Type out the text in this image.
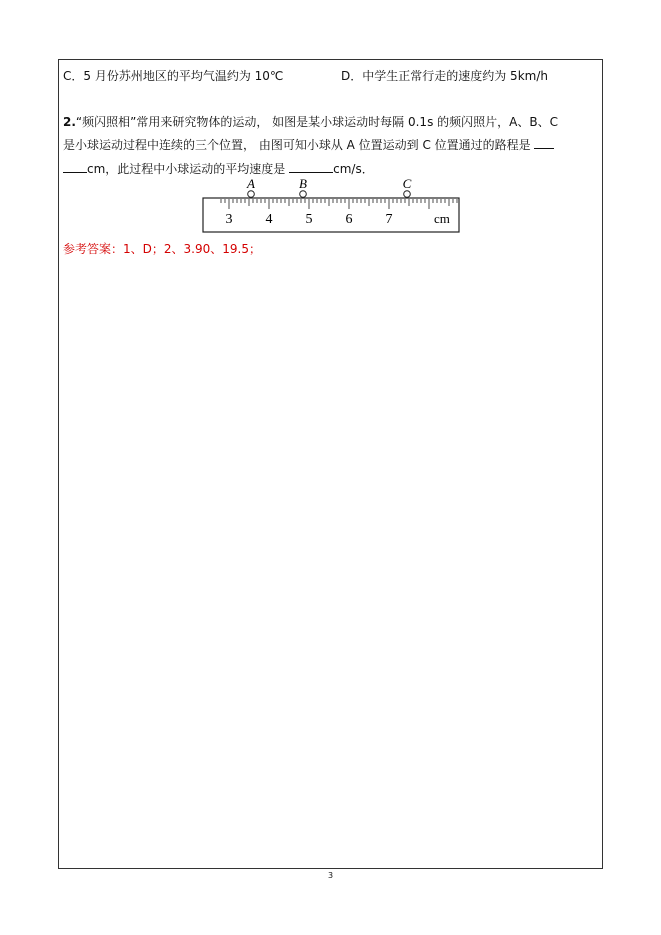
C．5 月份苏州地区的平均气温约为 10℃	D．中学生正常行走的速度约为 5km/h
2.“频闪照相”常用来研究物体的运动， 如图是某小球运动时每隔 0.1s 的频闪照片，A、B、C
是小球运动过程中连续的三个位置， 由图可知小球从 A 位置运动到 C 位置通过的路程是
cm，此过程中小球运动的平均速度是	cm/s．
3 4 5 6 7
A	B	C
cm
参考答案：1、D；2、3.90、19.5；
3
